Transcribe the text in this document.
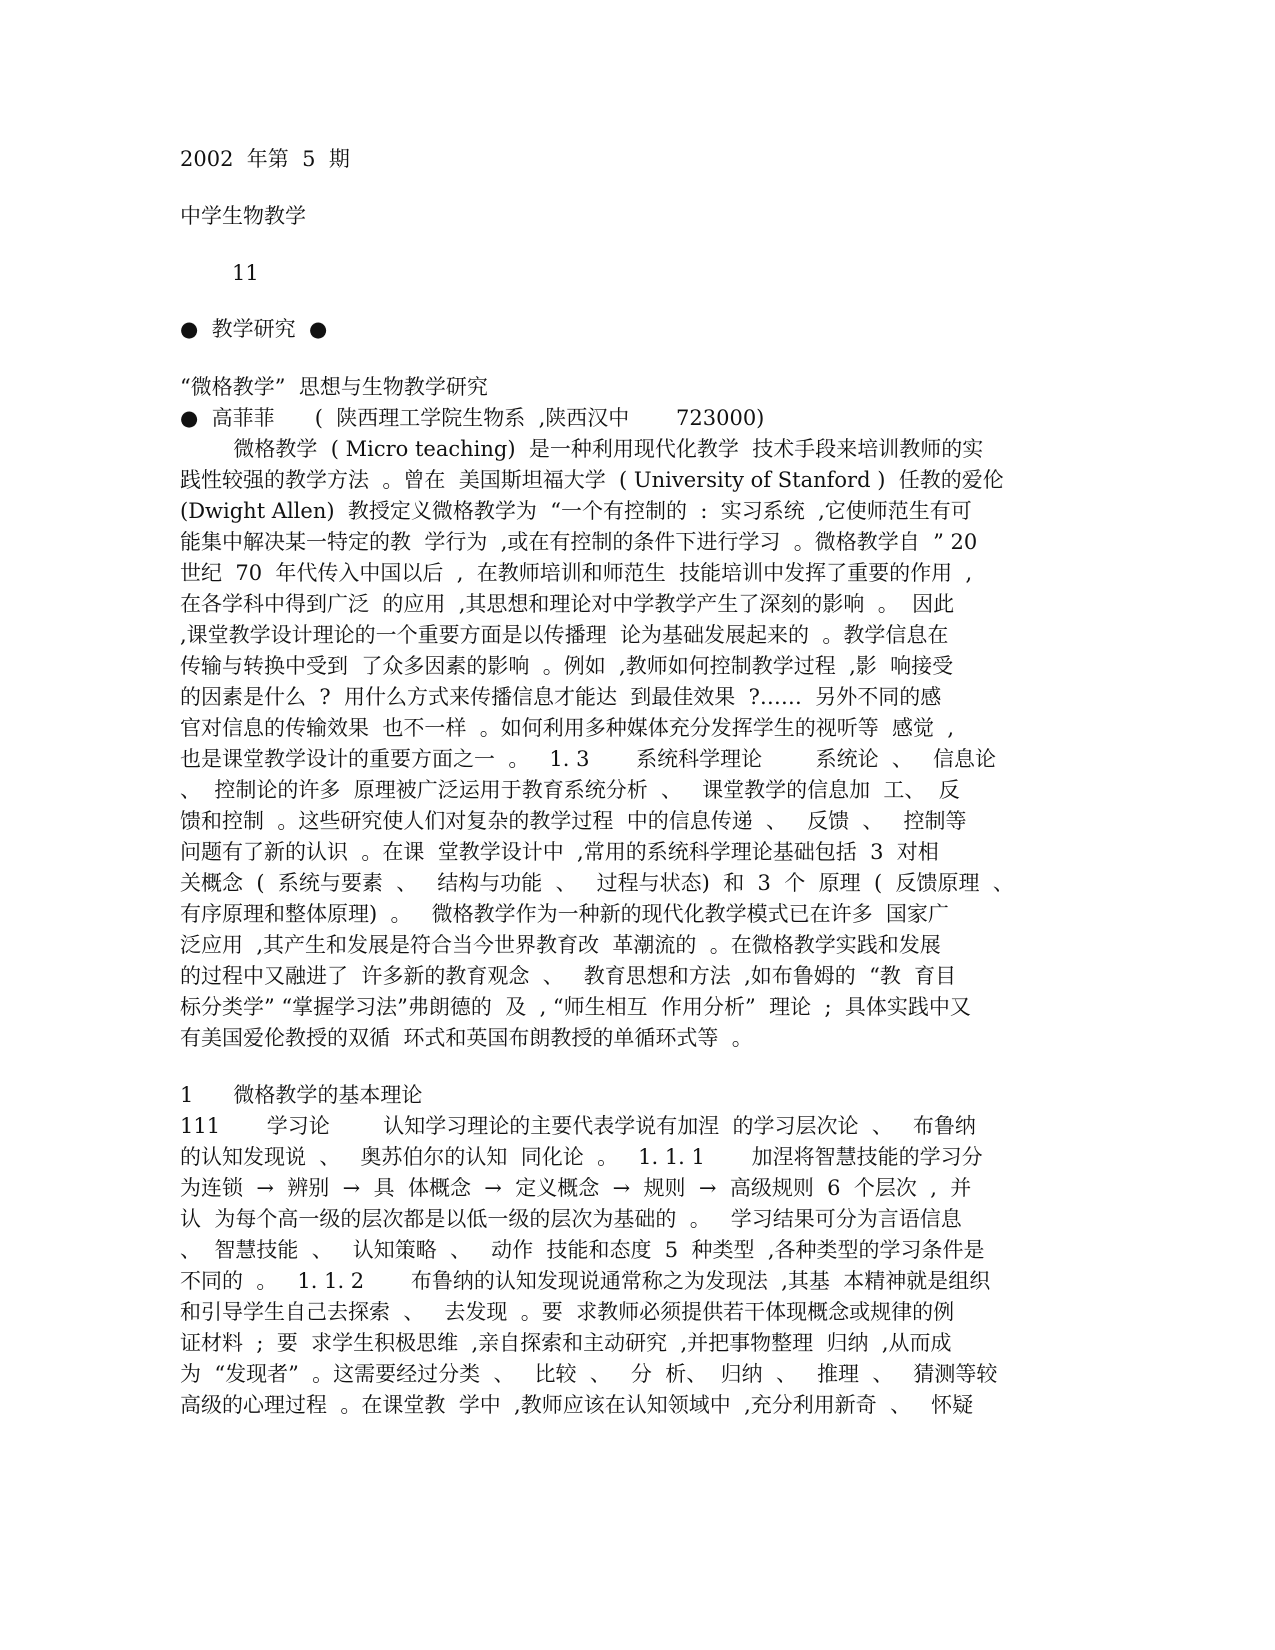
2002  年第  5  期
中学生物教学
11
●  教学研究  ●
“微格教学”  思想与生物教学研究
●  高菲菲      (  陕西理工学院生物系  ,陕西汉中       723000)
微格教学  ( Micro teaching)  是一种利用现代化教学  技术手段来培训教师的实
践性较强的教学方法  。曾在  美国斯坦福大学  ( University of Stanford )  任教的爱伦
(Dwight Allen)  教授定义微格教学为  “一个有控制的  :  实习系统  ,它使师范生有可
能集中解决某一特定的教  学行为  ,或在有控制的条件下进行学习  。微格教学自  ” 20
世纪  70  年代传入中国以后  ,  在教师培训和师范生  技能培训中发挥了重要的作用  ,
在各学科中得到广泛  的应用  ,其思想和理论对中学教学产生了深刻的影响  。  因此
,课堂教学设计理论的一个重要方面是以传播理  论为基础发展起来的  。教学信息在
传输与转换中受到  了众多因素的影响  。例如  ,教师如何控制教学过程  ,影  响接受
的因素是什么  ?  用什么方式来传播信息才能达  到最佳效果  ?……  另外不同的感
官对信息的传输效果  也不一样  。如何利用多种媒体充分发挥学生的视听等  感觉  ,
也是课堂教学设计的重要方面之一  。   1. 3       系统科学理论        系统论  、   信息论
、  控制论的许多  原理被广泛运用于教育系统分析  、   课堂教学的信息加  工、  反
馈和控制  。这些研究使人们对复杂的教学过程  中的信息传递  、   反馈  、   控制等
问题有了新的认识  。在课  堂教学设计中  ,常用的系统科学理论基础包括  3  对相
关概念  (  系统与要素  、   结构与功能  、   过程与状态)  和  3  个  原理  (  反馈原理  、
有序原理和整体原理)  。   微格教学作为一种新的现代化教学模式已在许多  国家广
泛应用  ,其产生和发展是符合当今世界教育改  革潮流的  。在微格教学实践和发展
的过程中又融进了  许多新的教育观念  、   教育思想和方法  ,如布鲁姆的  “教  育目
标分类学” “掌握学习法”弗朗德的  及  , “师生相互  作用分析”  理论  ;  具体实践中又
有美国爱伦教授的双循  环式和英国布朗教授的单循环式等  。
1      微格教学的基本理论
111       学习论        认知学习理论的主要代表学说有加涅  的学习层次论  、   布鲁纳
的认知发现说  、   奥苏伯尔的认知  同化论  。   1. 1. 1       加涅将智慧技能的学习分
为连锁  →  辨别  →  具  体概念  →  定义概念  →  规则  →  高级规则  6  个层次  ,  并
认  为每个高一级的层次都是以低一级的层次为基础的  。   学习结果可分为言语信息
、  智慧技能  、   认知策略  、   动作  技能和态度  5  种类型  ,各种类型的学习条件是
不同的  。   1. 1. 2       布鲁纳的认知发现说通常称之为发现法  ,其基  本精神就是组织
和引导学生自己去探索  、   去发现  。要  求教师必须提供若干体现概念或规律的例
证材料  ;  要  求学生积极思维  ,亲自探索和主动研究  ,并把事物整理  归纳  ,从而成
为  “发现者”  。这需要经过分类  、   比较  、   分  析、  归纳  、   推理  、   猜测等较
高级的心理过程  。在课堂教  学中  ,教师应该在认知领域中  ,充分利用新奇  、   怀疑
